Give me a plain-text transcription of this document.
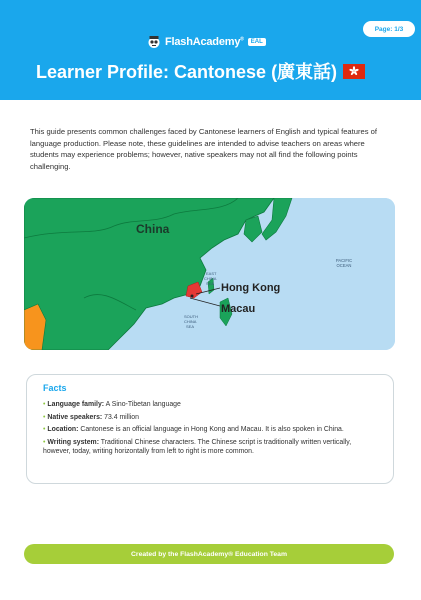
Page: 1/3
FlashAcademy®	EAL
Learner Profile: Cantonese (廣東話)

This guide presents common challenges faced by Cantonese learners of English and typical features of language production. Please note, these guidelines are intended to advise teachers on areas where students may experience problems; however, native speakers may not all find the following points challenging.

China
Hong Kong
Macau
PACIFIC
OCEAN
EAST
CHINA
SEA
SOUTH
CHINA
SEA
Facts

• Language family: A Sino-Tibetan language

• Native speakers: 73.4 million

• Location: Cantonese is an official language in Hong Kong and Macau. It is also spoken in China.

• Writing system: Traditional Chinese characters. The Chinese script is traditionally written vertically, however, today, writing horizontally from left to right is more common.

Created by the FlashAcademy® Education Team
